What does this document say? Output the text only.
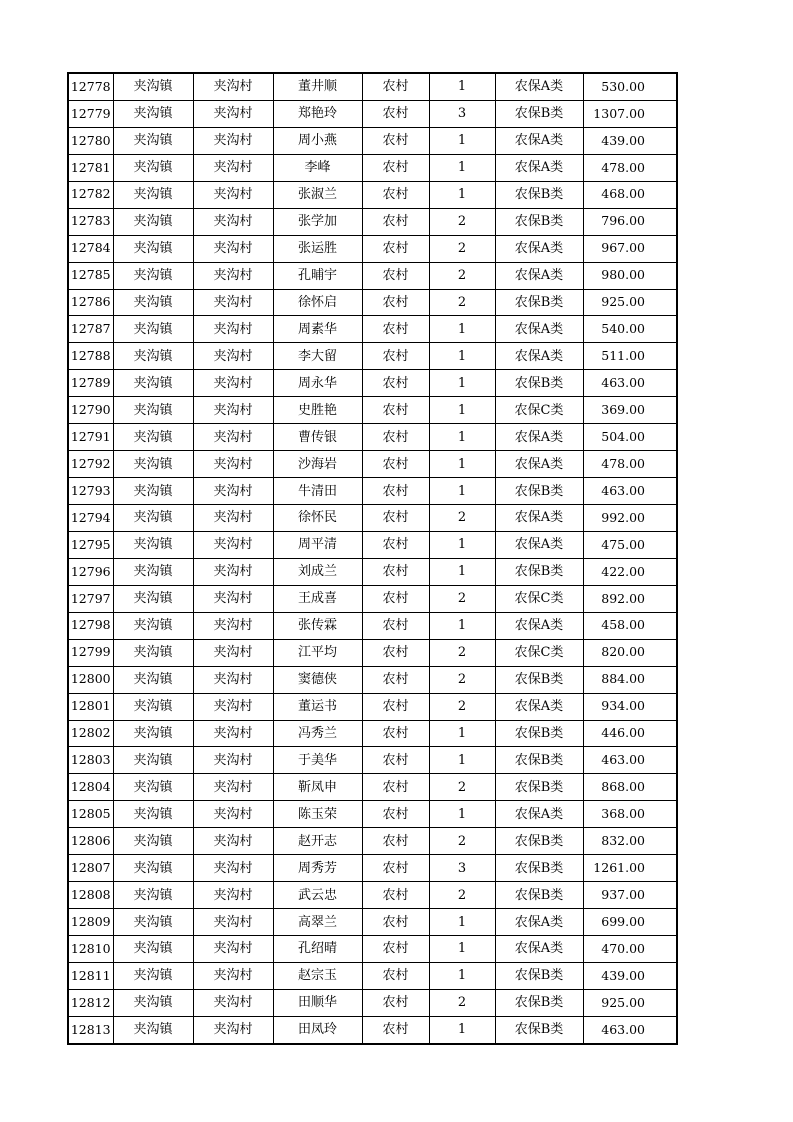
12778	夹沟镇	夹沟村	董井顺	农村	1	农保A类	530.00
12779	夹沟镇	夹沟村	郑艳玲	农村	3	农保B类	1307.00
12780	夹沟镇	夹沟村	周小燕	农村	1	农保A类	439.00
12781	夹沟镇	夹沟村	李峰	农村	1	农保A类	478.00
12782	夹沟镇	夹沟村	张淑兰	农村	1	农保B类	468.00
12783	夹沟镇	夹沟村	张学加	农村	2	农保B类	796.00
12784	夹沟镇	夹沟村	张运胜	农村	2	农保A类	967.00
12785	夹沟镇	夹沟村	孔晡宇	农村	2	农保A类	980.00
12786	夹沟镇	夹沟村	徐怀启	农村	2	农保B类	925.00
12787	夹沟镇	夹沟村	周素华	农村	1	农保A类	540.00
12788	夹沟镇	夹沟村	李大留	农村	1	农保A类	511.00
12789	夹沟镇	夹沟村	周永华	农村	1	农保B类	463.00
12790	夹沟镇	夹沟村	史胜艳	农村	1	农保C类	369.00
12791	夹沟镇	夹沟村	曹传银	农村	1	农保A类	504.00
12792	夹沟镇	夹沟村	沙海岩	农村	1	农保A类	478.00
12793	夹沟镇	夹沟村	牛清田	农村	1	农保B类	463.00
12794	夹沟镇	夹沟村	徐怀民	农村	2	农保A类	992.00
12795	夹沟镇	夹沟村	周平清	农村	1	农保A类	475.00
12796	夹沟镇	夹沟村	刘成兰	农村	1	农保B类	422.00
12797	夹沟镇	夹沟村	王成喜	农村	2	农保C类	892.00
12798	夹沟镇	夹沟村	张传霖	农村	1	农保A类	458.00
12799	夹沟镇	夹沟村	江平均	农村	2	农保C类	820.00
12800	夹沟镇	夹沟村	窦德侠	农村	2	农保B类	884.00
12801	夹沟镇	夹沟村	董运书	农村	2	农保A类	934.00
12802	夹沟镇	夹沟村	冯秀兰	农村	1	农保B类	446.00
12803	夹沟镇	夹沟村	于美华	农村	1	农保B类	463.00
12804	夹沟镇	夹沟村	靳凤申	农村	2	农保B类	868.00
12805	夹沟镇	夹沟村	陈玉荣	农村	1	农保A类	368.00
12806	夹沟镇	夹沟村	赵开志	农村	2	农保B类	832.00
12807	夹沟镇	夹沟村	周秀芳	农村	3	农保B类	1261.00
12808	夹沟镇	夹沟村	武云忠	农村	2	农保B类	937.00
12809	夹沟镇	夹沟村	高翠兰	农村	1	农保A类	699.00
12810	夹沟镇	夹沟村	孔绍晴	农村	1	农保A类	470.00
12811	夹沟镇	夹沟村	赵宗玉	农村	1	农保B类	439.00
12812	夹沟镇	夹沟村	田顺华	农村	2	农保B类	925.00
12813	夹沟镇	夹沟村	田凤玲	农村	1	农保B类	463.00
